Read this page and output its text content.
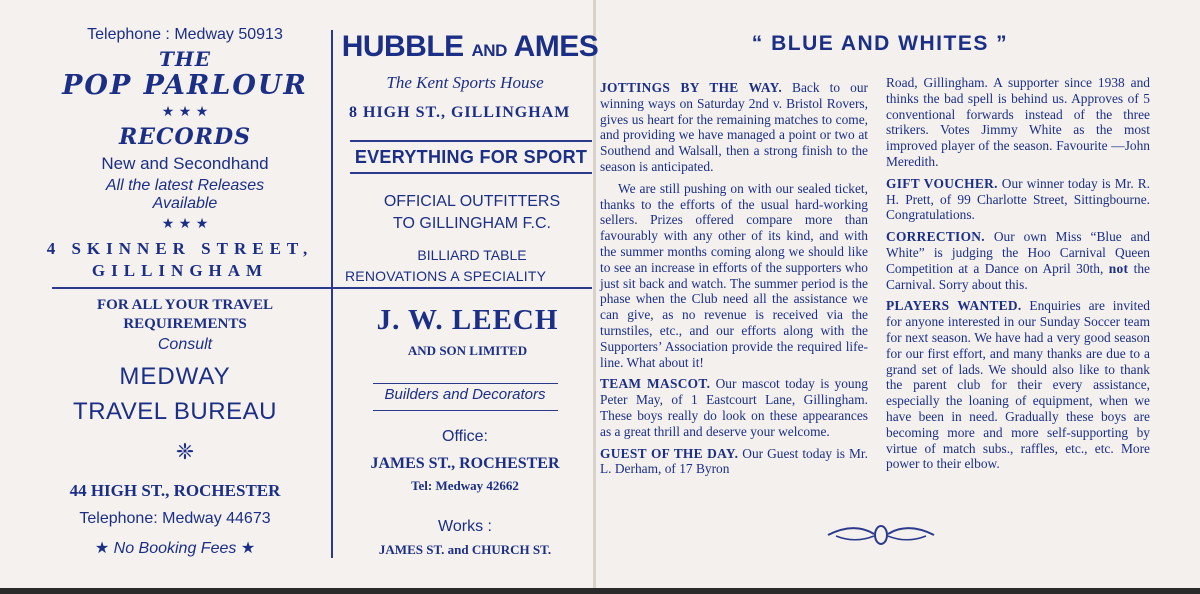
Telephone : Medway 50913
THE
POP PARLOUR
★ ★ ★
RECORDS
New and Secondhand
All the latest Releases
Available
★ ★ ★
4 SKINNER STREET,
GILLINGHAM
FOR ALL YOUR TRAVEL
REQUIREMENTS
Consult
MEDWAY
TRAVEL BUREAU
❈
44 HIGH ST., ROCHESTER
Telephone: Medway 44673
★ No Booking Fees ★
HUBBLE AND AMES
The Kent Sports House
8 HIGH ST., GILLINGHAM
EVERYTHING FOR SPORT
OFFICIAL OUTFITTERS
TO GILLINGHAM F.C.
BILLIARD TABLE
RENOVATIONS A SPECIALITY
J. W. LEECH
AND SON LIMITED
Builders and Decorators
Office:
JAMES ST., ROCHESTER
Tel: Medway 42662
Works :
JAMES ST. and CHURCH ST.
“ BLUE AND WHITES ”

JOTTINGS BY THE WAY. Back to our winning ways on Saturday 2nd v. Bristol Rovers, gives us heart for the remaining matches to come, and providing we have managed a point or two at Southend and Walsall, then a strong finish to the season is anticipated.

We are still pushing on with our sealed ticket, thanks to the efforts of the usual hard-working sellers. Prizes offered compare more than favourably with any other of its kind, and with the summer months coming along we should like to see an increase in efforts of the supporters who just sit back and watch. The summer period is the phase when the Club need all the assistance we can give, as no revenue is received via the turnstiles, etc., and our efforts along with the Supporters’ Association provide the required life-line. What about it!

TEAM MASCOT. Our mascot today is young Peter May, of 1 Eastcourt Lane, Gillingham. These boys really do look on these appearances as a great thrill and deserve your welcome.

GUEST OF THE DAY. Our Guest today is Mr. L. Derham, of 17 Byron

Road, Gillingham. A supporter since 1938 and thinks the bad spell is behind us. Approves of 5 conventional forwards instead of the three strikers. Votes Jimmy White as the most improved player of the season. Favourite —John Meredith.

GIFT VOUCHER. Our winner today is Mr. R. H. Prett, of 99 Charlotte Street, Sittingbourne. Congratulations.

CORRECTION. Our own Miss “Blue and White” is judging the Hoo Carnival Queen Competition at a Dance on April 30th, not the Carnival. Sorry about this.

PLAYERS WANTED. Enquiries are invited for anyone interested in our Sunday Soccer team for next season. We have had a very good season for our first effort, and many thanks are due to a grand set of lads. We should also like to thank the parent club for their every assistance, especially the loaning of equipment, when we have been in need. Gradually these boys are becoming more and more self-supporting by virtue of match subs., raffles, etc., etc. More power to their elbow.
